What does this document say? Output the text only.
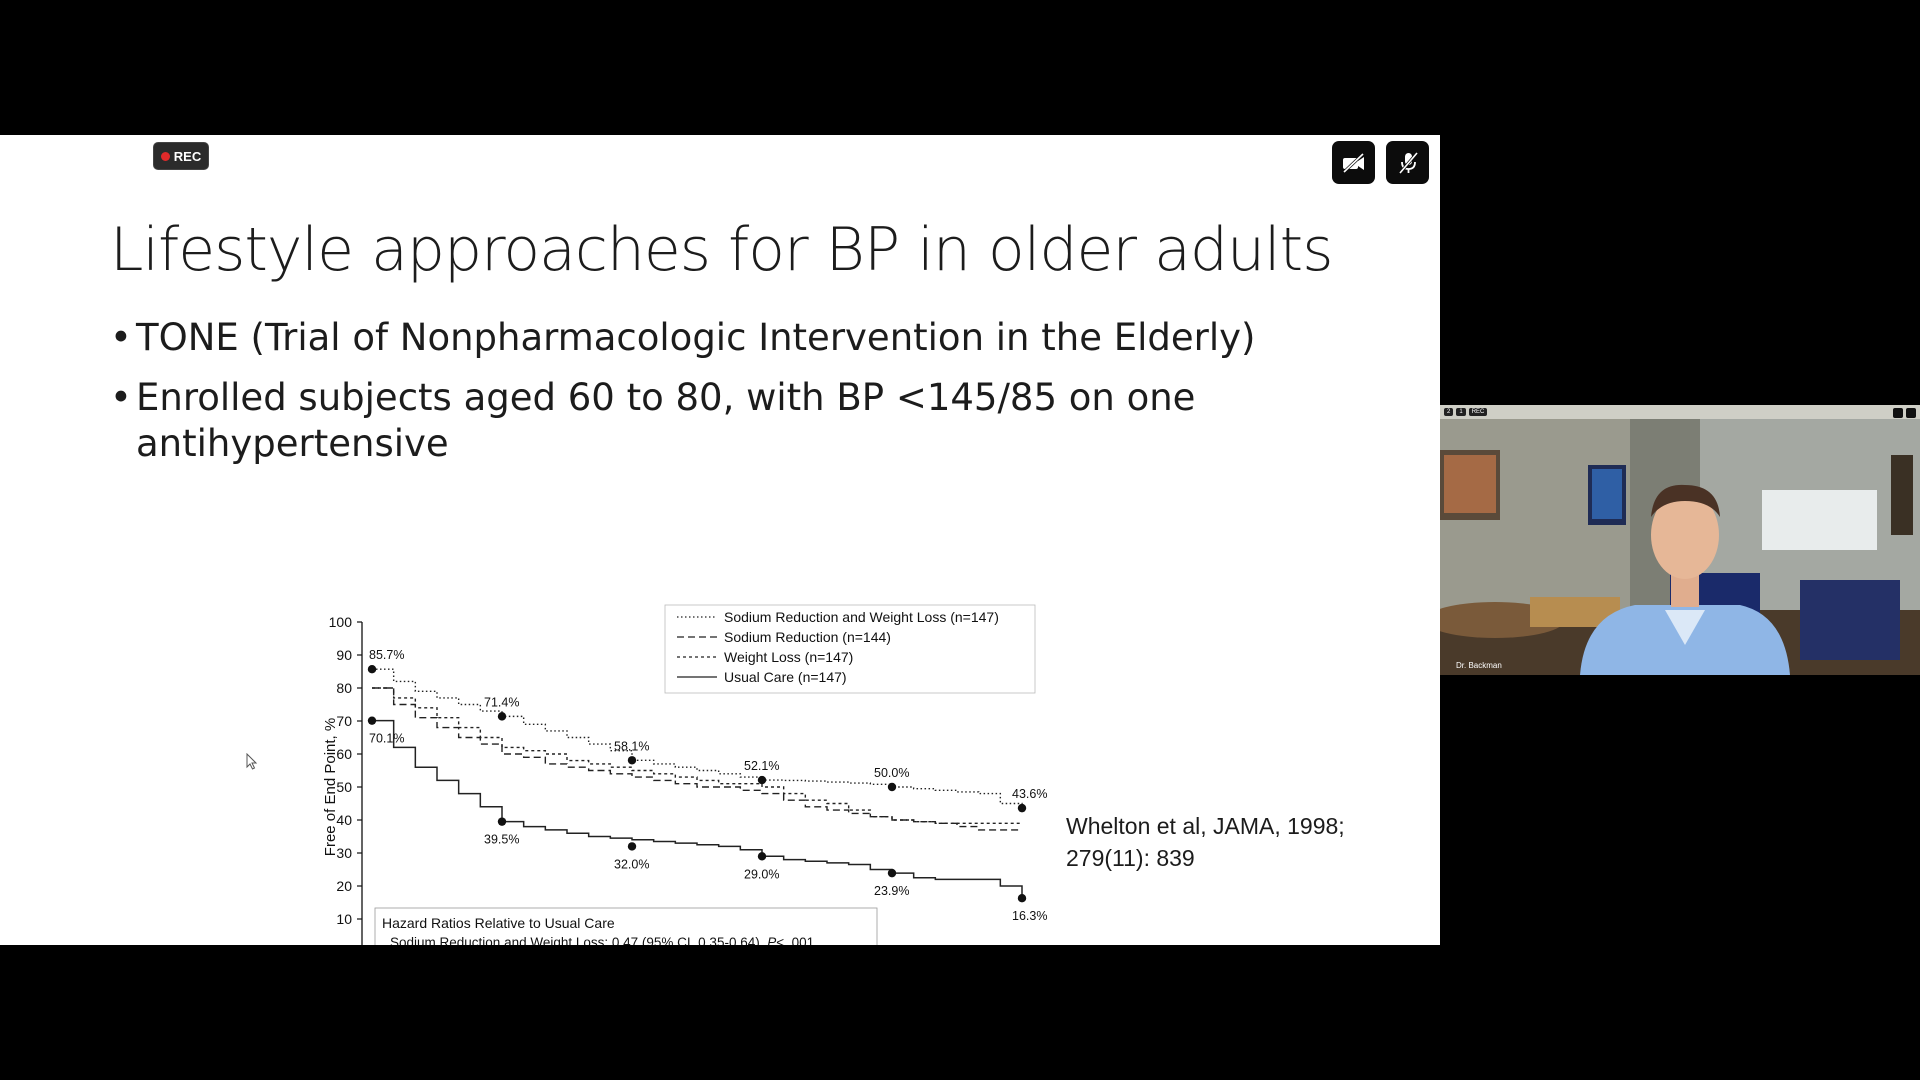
Lifestyle approaches for BP in older adults
• TONE (Trial of Nonpharmacologic Intervention in the Elderly)
• Enrolled subjects aged 60 to 80, with BP <145/85 on one
antihypertensive
0
10
20
30
40
50
60
70
80
90
100
0	6	12	18	24	30
Time After Drug Withdrawal, mo
Free of End Point, %
85.7%
71.4%
58.1%
52.1%	50.0%
43.6%
70.1%
39.5%
32.0%
29.0%
23.9%
16.3%
Sodium Reduction and Weight Loss (n=147)
Sodium Reduction (n=144)
Weight Loss (n=147)
Usual Care (n=147)
Hazard Ratios Relative to Usual Care
Sodium Reduction and Weight Loss: 0.47 (95% CI, 0.35-0.64), P< .001
Sodium Reduction: 0.60 (95% CI, 0.45-0.80), P< .001
Weight Loss: 0.64 (95% CI, 0.49-0.85), P= .002
Whelton et al, JAMA, 1998;
279(11): 839
REC
2	1	REC
Dr. Backman
